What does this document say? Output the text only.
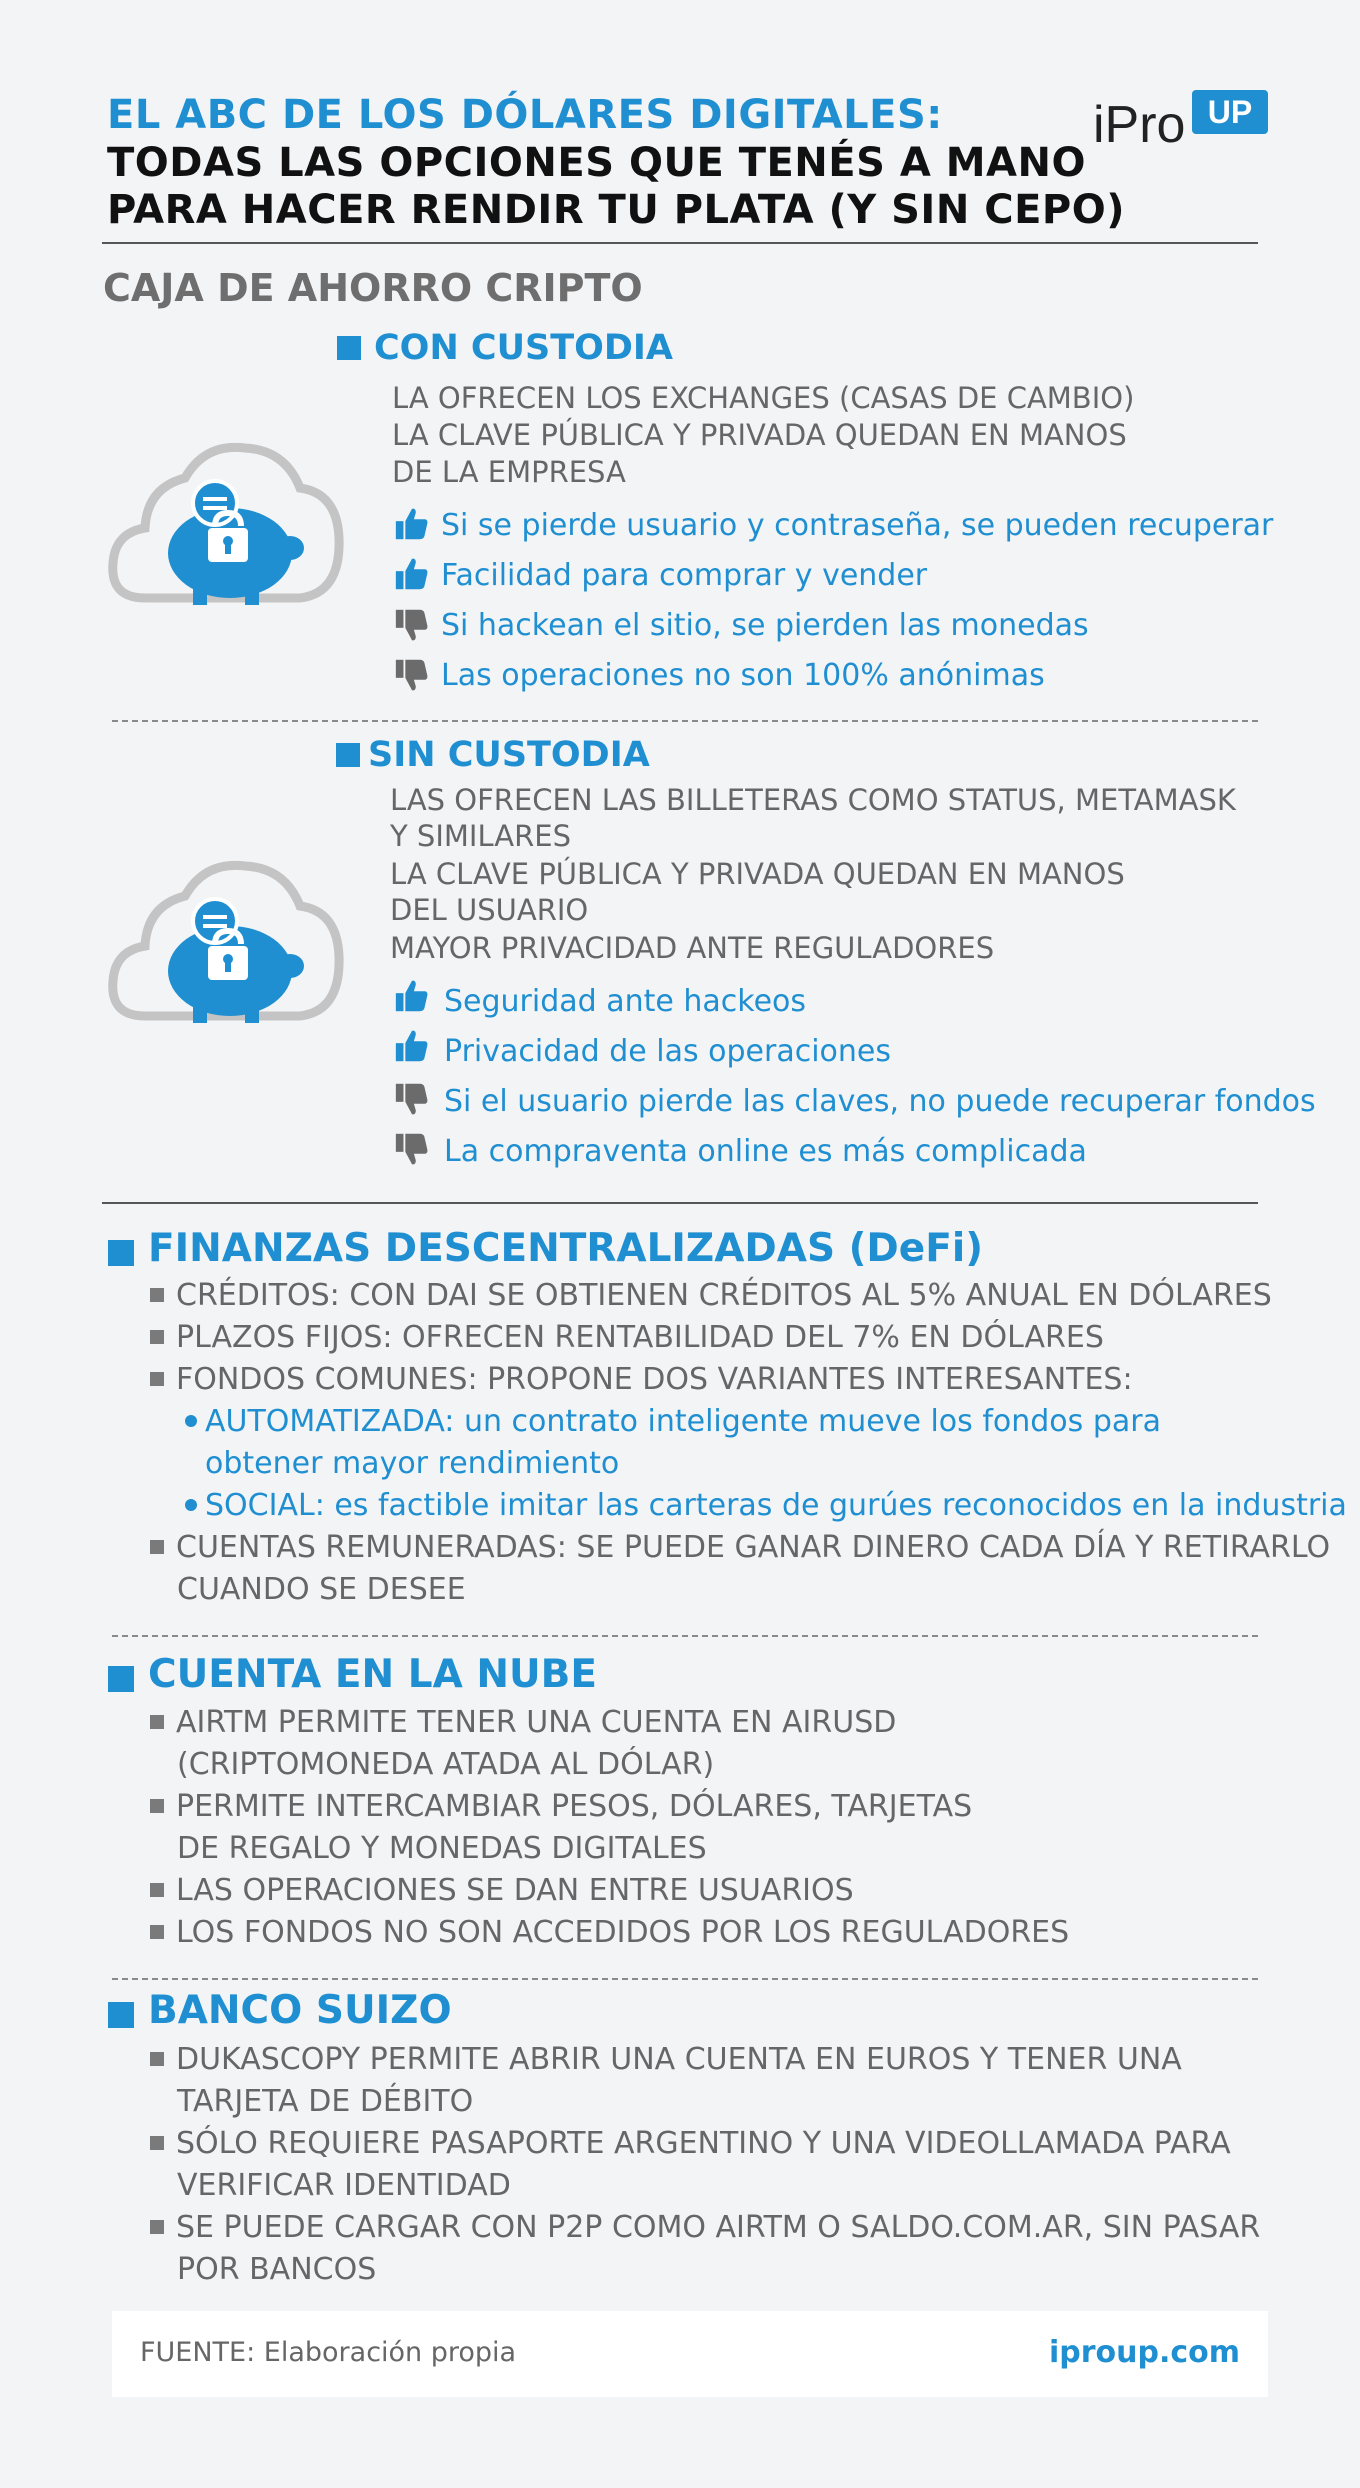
EL ABC DE LOS DÓLARES DIGITALES:
TODAS LAS OPCIONES QUE TENÉS A MANO
PARA HACER RENDIR TU PLATA (Y SIN CEPO)
iPro UP
CAJA DE AHORRO CRIPTO
CON CUSTODIA
LA OFRECEN LOS EXCHANGES (CASAS DE CAMBIO)
LA CLAVE PÚBLICA Y PRIVADA QUEDAN EN MANOS
DE LA EMPRESA
Si se pierde usuario y contraseña, se pueden recuperar
Facilidad para comprar y vender
Si hackean el sitio, se pierden las monedas
Las operaciones no son 100% anónimas
SIN CUSTODIA
LAS OFRECEN LAS BILLETERAS COMO STATUS, METAMASK
Y SIMILARES
LA CLAVE PÚBLICA Y PRIVADA QUEDAN EN MANOS
DEL USUARIO
MAYOR PRIVACIDAD ANTE REGULADORES
Seguridad ante hackeos
Privacidad de las operaciones
Si el usuario pierde las claves, no puede recuperar fondos
La compraventa online es más complicada
FINANZAS DESCENTRALIZADAS (DeFi)
CRÉDITOS: CON DAI SE OBTIENEN CRÉDITOS AL 5% ANUAL EN DÓLARES
PLAZOS FIJOS: OFRECEN RENTABILIDAD DEL 7% EN DÓLARES
FONDOS COMUNES: PROPONE DOS VARIANTES INTERESANTES:
AUTOMATIZADA: un contrato inteligente mueve los fondos para
obtener mayor rendimiento
SOCIAL: es factible imitar las carteras de gurúes reconocidos en la industria
CUENTAS REMUNERADAS: SE PUEDE GANAR DINERO CADA DÍA Y RETIRARLO
CUANDO SE DESEE
CUENTA EN LA NUBE
AIRTM PERMITE TENER UNA CUENTA EN AIRUSD
(CRIPTOMONEDA ATADA AL DÓLAR)
PERMITE INTERCAMBIAR PESOS, DÓLARES, TARJETAS
DE REGALO Y MONEDAS DIGITALES
LAS OPERACIONES SE DAN ENTRE USUARIOS
LOS FONDOS NO SON ACCEDIDOS POR LOS REGULADORES
BANCO SUIZO
DUKASCOPY PERMITE ABRIR UNA CUENTA EN EUROS Y TENER UNA
TARJETA DE DÉBITO
SÓLO REQUIERE PASAPORTE ARGENTINO Y UNA VIDEOLLAMADA PARA
VERIFICAR IDENTIDAD
SE PUEDE CARGAR CON P2P COMO AIRTM O SALDO.COM.AR, SIN PASAR
POR BANCOS
FUENTE: Elaboración propia	iproup.com
